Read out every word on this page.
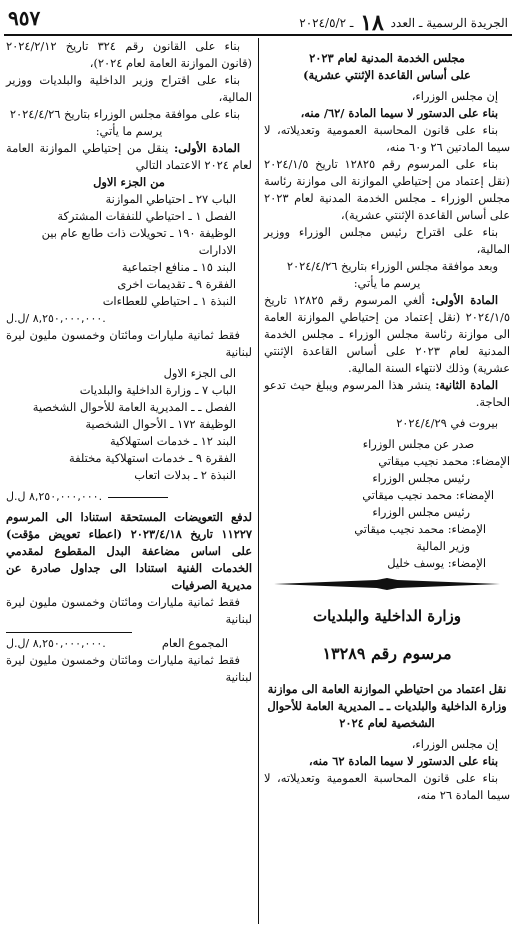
الجريدة الرسمية ـ العدد ١٨ ـ ٢٠٢٤/٥/٢
٩٥٧

مجلس الخدمة المدنية لعام ٢٠٢٣

على أساس القاعدة الإثنتي عشرية)

إن مجلس الوزراء،

بناء على الدستور لا سيما المادة /٦٢/ منه،

بناء على قانون المحاسبة العمومية وتعديلاته، لا سيما المادتين ٢٦ و٦٠ منه،

بناء على المرسوم رقم ١٢٨٢٥ تاريخ ٢٠٢٤/١/٥ (نقل إعتماد من إحتياطي الموازنة الى موازنة رئاسة مجلس الوزراء ـ مجلس الخدمة المدنية لعام ٢٠٢٣ على أساس القاعدة الإثنتي عشرية)،

بناء على اقتراح رئيس مجلس الوزراء ووزير المالية،

وبعد موافقة مجلس الوزراء بتاريخ ٢٠٢٤/٤/٢٦

يرسم ما يأتي:

المادة الأولى: ألغي المرسوم رقم ١٢٨٢٥ تاريخ ٢٠٢٤/١/٥ (نقل إعتماد من إحتياطي الموازنة العامة الى موازنة رئاسة مجلس الوزراء ـ مجلس الخدمة المدنية لعام ٢٠٢٣ على أساس القاعدة الإثنتي عشرية) وذلك لانتهاء السنة المالية.

المادة الثانية: ينشر هذا المرسوم ويبلغ حيث تدعو الحاجة.

بيروت في ٢٠٢٤/٤/٢٩

صدر عن مجلس الوزراء

الإمضاء: محمد نجيب ميقاتي

رئيس مجلس الوزراء

الإمضاء: محمد نجيب ميقاتي

رئيس مجلس الوزراء

الإمضاء: محمد نجيب ميقاتي

وزير المالية

الإمضاء: يوسف خليل

وزارة الداخلية والبلديات

مرسوم رقم ١٣٢٨٩

نقل اعتماد من احتياطي الموازنة العامة الى موازنة وزارة الداخلية والبلديات ـ ـ المديرية العامة للأحوال الشخصية لعام ٢٠٢٤

إن مجلس الوزراء،

بناء على الدستور لا سيما المادة ٦٢ منه،

بناء على قانون المحاسبة العمومية وتعديلاته، لا سيما المادة ٢٦ منه،

بناء على القانون رقم ٣٢٤ تاريخ ٢٠٢٤/٢/١٢ (قانون الموازنة العامة لعام ٢٠٢٤)،

بناء على اقتراح وزير الداخلية والبلديات ووزير المالية،

بناء على موافقة مجلس الوزراء بتاريخ ٢٠٢٤/٤/٢٦

يرسم ما يأتي:

المادة الأولى: ينقل من إحتياطي الموازنة العامة لعام ٢٠٢٤ الاعتماد التالي

من الجزء الاول

الباب ٢٧ ـ احتياطي الموازنة

الفصل ١ ـ احتياطي للنفقات المشتركة

الوظيفة ١٩٠ ـ تحويلات ذات طابع عام بين الادارات

البند ١٥ ـ منافع اجتماعية

الفقرة ٩ ـ تقديمات اخرى

النبذة ١ ـ احتياطي للعطاءات

٨,٢٥٠,٠٠٠,٠٠٠ /ل.ل.

فقط ثمانية مليارات ومائتان وخمسون مليون ليرة لبنانية

الى الجزء الاول

الباب ٧ ـ وزارة الداخلية والبلديات

الفصل ـ ـ المديرية العامة للأحوال الشخصية

الوظيفة ١٧٢ ـ الأحوال الشخصية

البند ١٢ ـ خدمات استهلاكية

الفقرة ٩ ـ خدمات استهلاكية مختلفة

النبذة ٢ ـ بدلات اتعاب

٨,٢٥٠,٠٠٠,٠٠٠ ل.ل.

لدفع التعويضات المستحقة استنادا الى المرسوم ١١٢٢٧ تاريخ ٢٠٢٣/٤/١٨ (اعطاء تعويض مؤقت) على اساس مضاعفة البدل المقطوع لمقدمي الخدمات الفنية استنادا الى جداول صادرة عن مديرية الصرفيات

فقط ثمانية مليارات ومائتان وخمسون مليون ليرة لبنانية

المجموع العام
٨,٢٥٠,٠٠٠,٠٠٠ /ل.ل.

فقط ثمانية مليارات ومائتان وخمسون مليون ليرة لبنانية
